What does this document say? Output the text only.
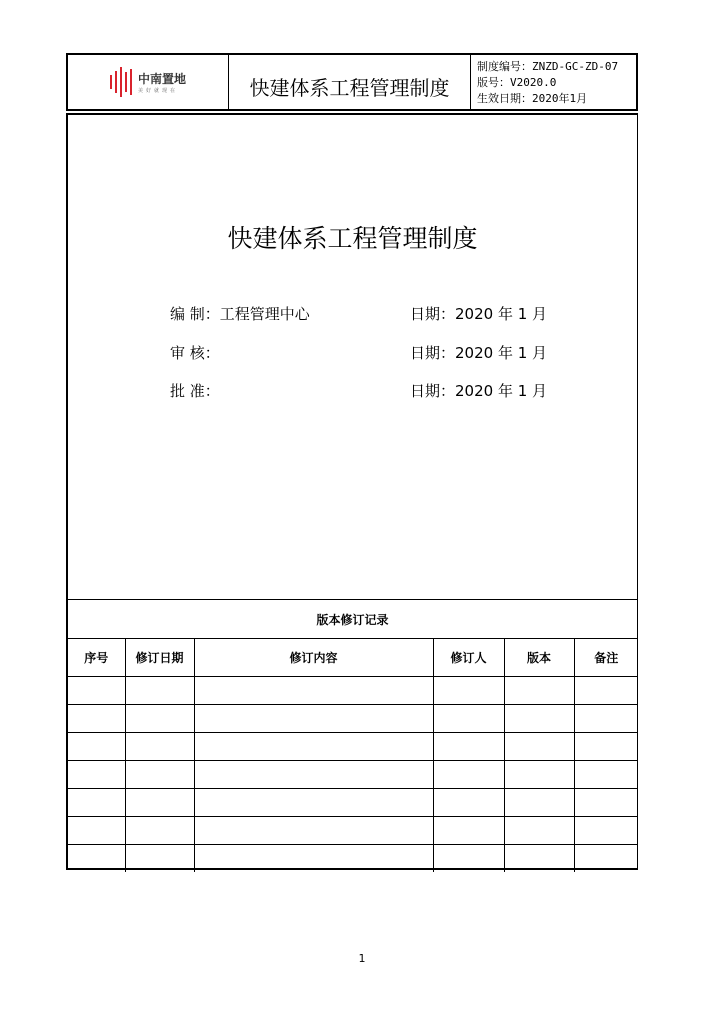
中南置地
美好就现在	快建体系工程管理制度
制度编号：ZNZD-GC-ZD-07
版号：V2020.0
生效日期：2020年1月
快建体系工程管理制度
编 制：工程管理中心	日期：2020 年 1 月
审 核：	日期：2020 年 1 月
批 准：	日期：2020 年 1 月
版本修订记录
序号	修订日期	修订内容	修订人	版本	备注

1
